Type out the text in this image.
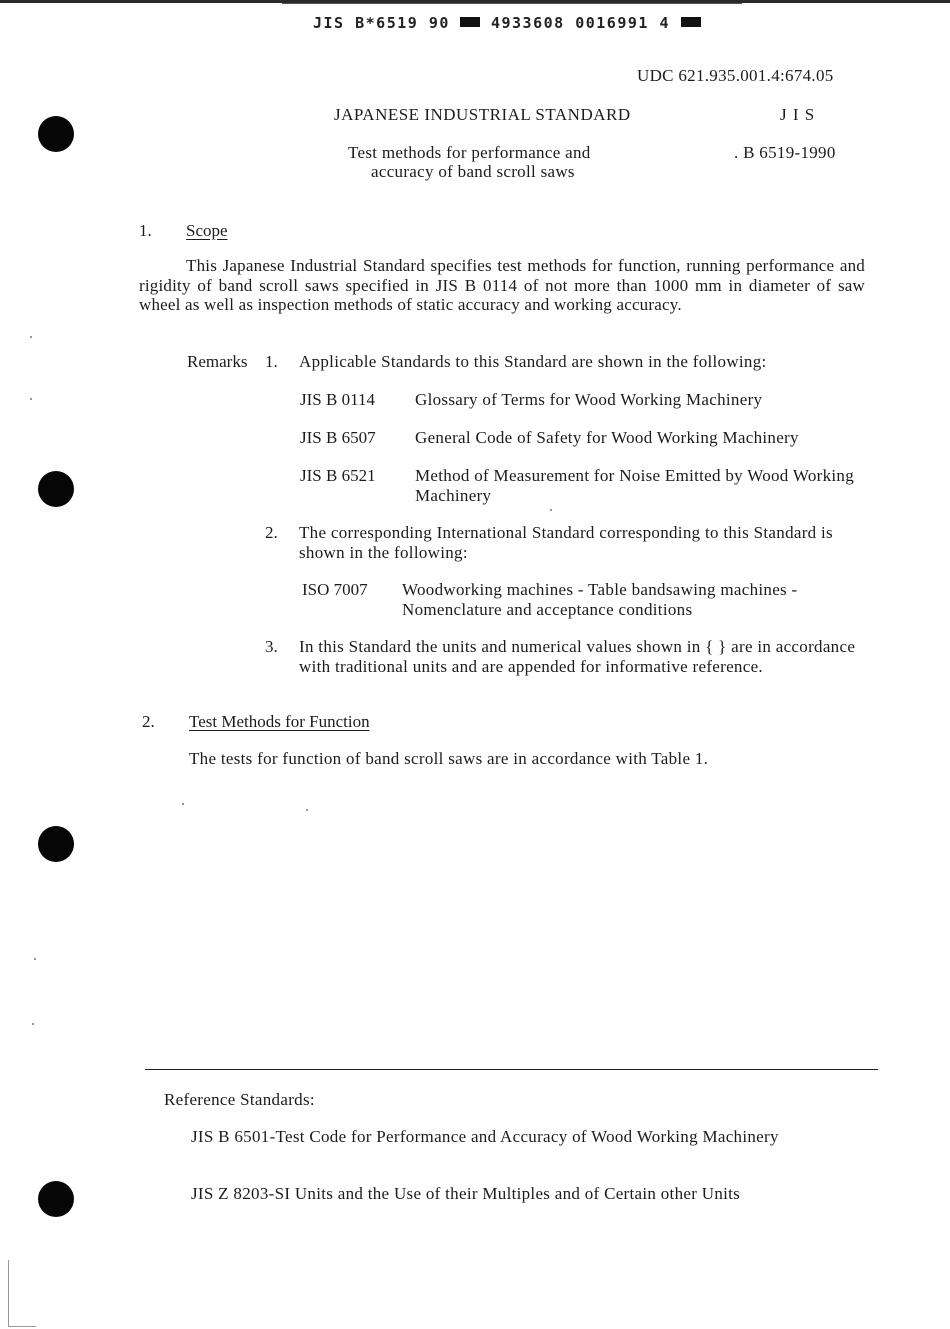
JIS B*6519 90	4933608 0016991 4
UDC 621.935.001.4:674.05
JAPANESE INDUSTRIAL STANDARD	J I S
Test methods for performance and
accuracy of band scroll saws
. B 6519-1990
1. Scope
This Japanese Industrial Standard specifies test methods for function, running performance and rigidity of band scroll saws specified in JIS B 0114 of not more than 1000 mm in diameter of saw wheel as well as inspection methods of static accuracy and working accuracy.
Remarks 1. Applicable Standards to this Standard are shown in the following:
JIS B 0114 Glossary of Terms for Wood Working Machinery
JIS B 6507 General Code of Safety for Wood Working Machinery
JIS B 6521 Method of Measurement for Noise Emitted by Wood Working Machinery
2. The corresponding International Standard corresponding to this Standard is shown in the following:
ISO 7007 Woodworking machines - Table bandsawing machines - Nomenclature and acceptance conditions
3. In this Standard the units and numerical values shown in { } are in accordance with traditional units and are appended for informative reference.
2. Test Methods for Function
The tests for function of band scroll saws are in accordance with Table 1.
Reference Standards:
JIS B 6501-Test Code for Performance and Accuracy of Wood Working Machinery
JIS Z 8203-SI Units and the Use of their Multiples and of Certain other Units
